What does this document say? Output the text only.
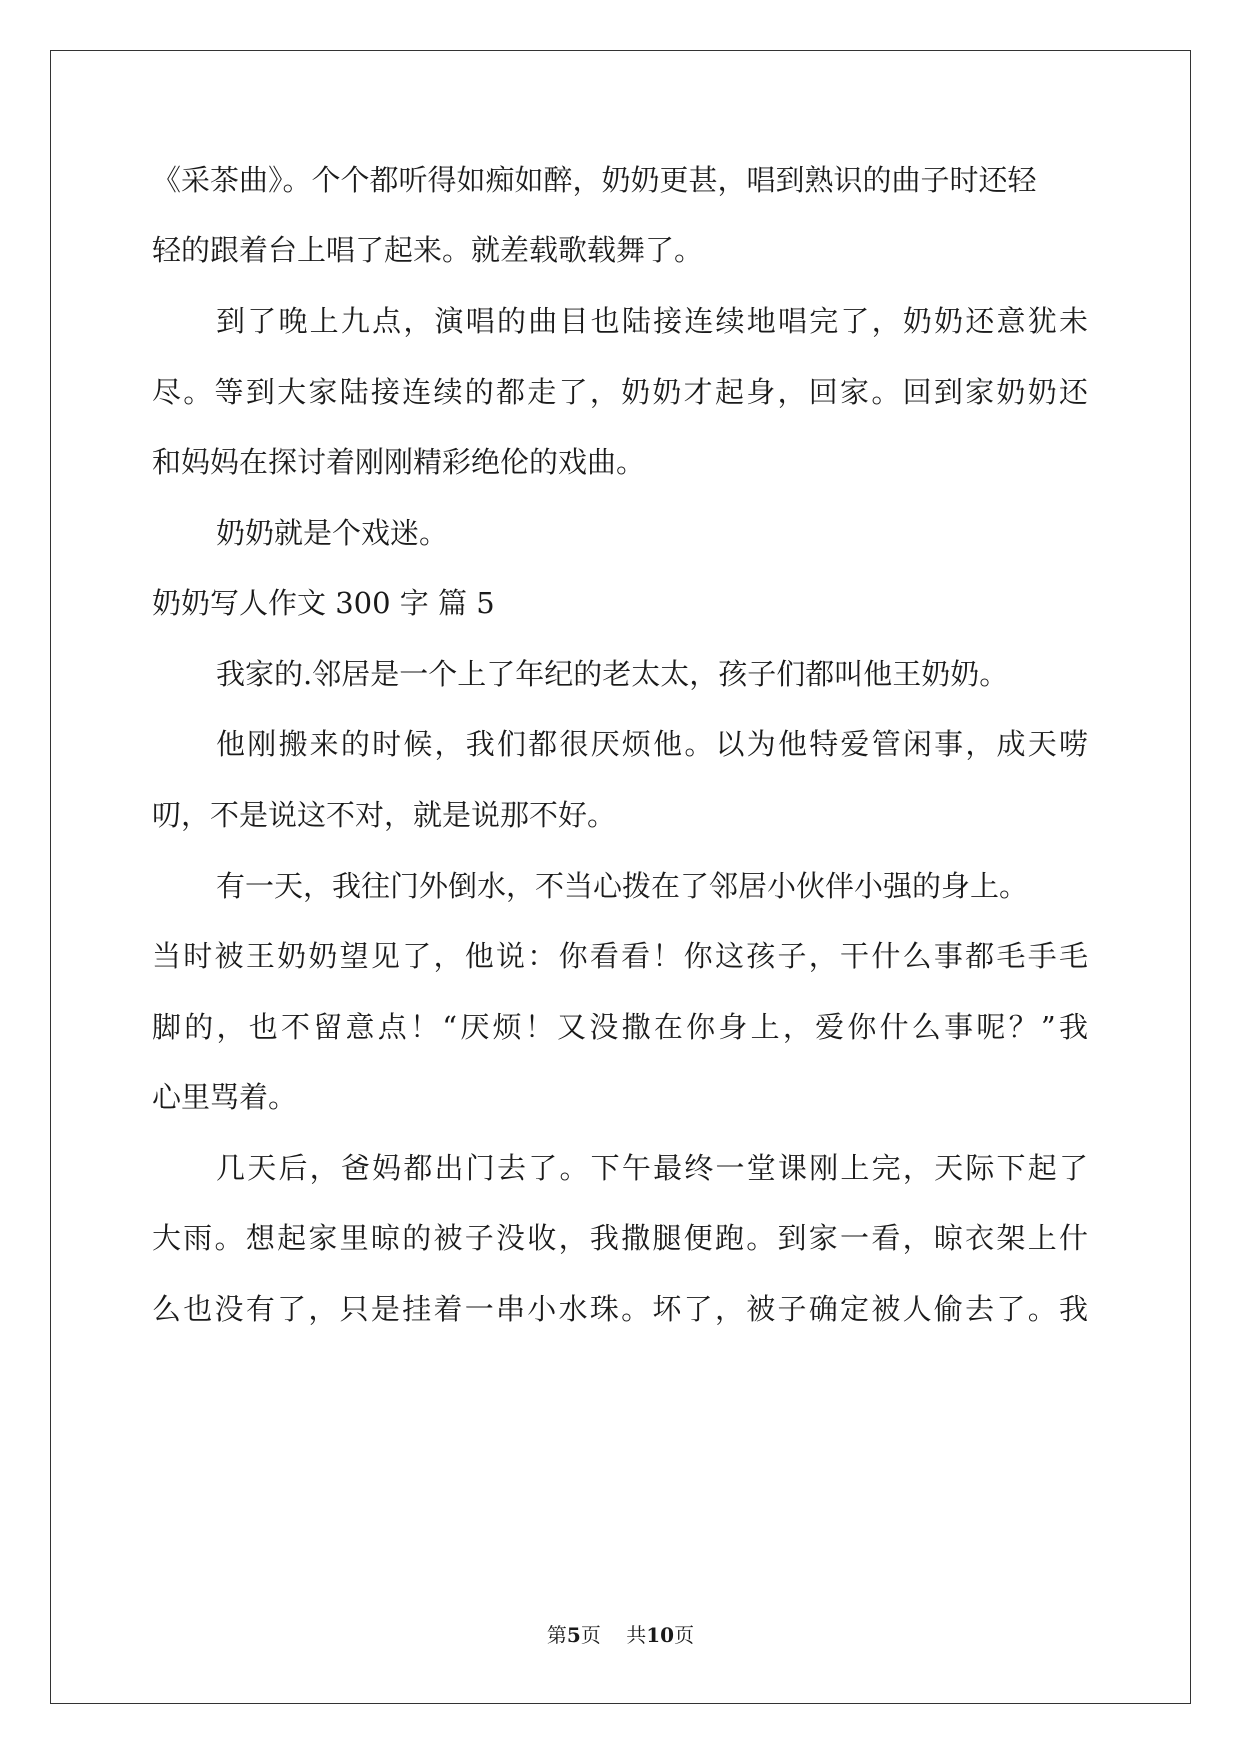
《采茶曲》。个个都听得如痴如醉，奶奶更甚，唱到熟识的曲子时还轻
轻的跟着台上唱了起来。就差载歌载舞了。
到了晚上九点，演唱的曲目也陆接连续地唱完了，奶奶还意犹未
尽。等到大家陆接连续的都走了，奶奶才起身，回家。回到家奶奶还
和妈妈在探讨着刚刚精彩绝伦的戏曲。
奶奶就是个戏迷。
奶奶写人作文 300 字 篇 5
我家的.邻居是一个上了年纪的老太太，孩子们都叫他王奶奶。
他刚搬来的时候，我们都很厌烦他。以为他特爱管闲事，成天唠
叨，不是说这不对，就是说那不好。
有一天，我往门外倒水，不当心拨在了邻居小伙伴小强的身上。
当时被王奶奶望见了，他说：你看看！你这孩子，干什么事都毛手毛
脚的，也不留意点！“厌烦！又没撒在你身上，爱你什么事呢？”我
心里骂着。
几天后，爸妈都出门去了。下午最终一堂课刚上完，天际下起了
大雨。想起家里晾的被子没收，我撒腿便跑。到家一看，晾衣架上什
么也没有了，只是挂着一串小水珠。坏了，被子确定被人偷去了。我
第5页    共10页
